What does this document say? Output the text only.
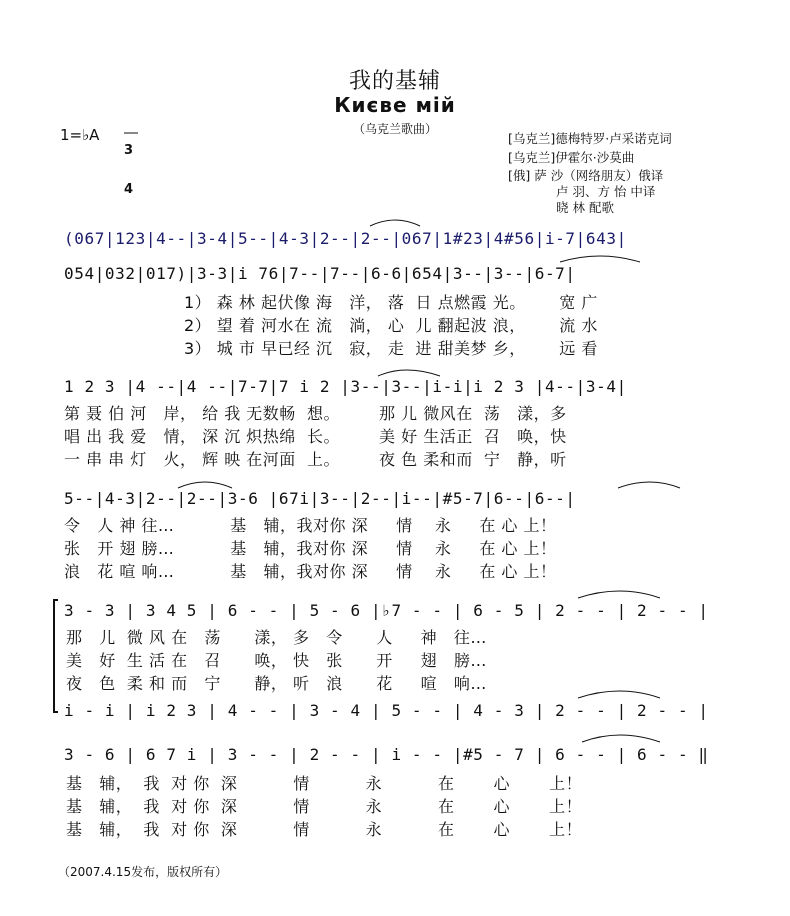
我的基辅
Києве мій
（乌克兰歌曲）
1=♭A

3

4

[乌克兰]德梅特罗·卢采诺克词
[乌克兰]伊霍尔·沙莫曲
[俄] 萨 沙（网络朋友）俄译
卢 羽、方 怡 中译
晓 林 配歌
(067|123|4--|3-4|5--|4-3|2--|2--|067|1#23|4#56|i-7|643|
054|032|017)|3-3|i 76|7--|7--|6-6|654|3--|3--|6-7|
1） 森 林 起伏像 海   洋， 落  日 点燃霞 光。      宽 广
2） 望 着 河水在 流   淌， 心  儿 翻起波 浪，      流 水
3） 城 市 早已经 沉   寂， 走  进 甜美梦 乡，      远 看
1 2 3 |4 --|4 --|7-7|7 i 2 |3--|3--|i-i|i 2 3 |4--|3-4|
第 聂 伯 河   岸， 给 我 无数畅  想。       那 儿 微风在  荡   漾，多
唱 出 我 爱   情， 深 沉 炽热绵  长。       美 好 生活正  召   唤，快
一 串 串 灯   火， 辉 映 在河面  上。       夜 色 柔和而  宁   静，听
5--|4-3|2--|2--|3-6 |67i|3--|2--|i--|#5-7|6--|6--|
令   人 神 往…          基   辅，我对你 深     情    永     在 心 上！
张   开 翅 膀…          基   辅，我对你 深     情    永     在 心 上！
浪   花 喧 响…          基   辅，我对你 深     情    永     在 心 上！
3 - 3 | 3 4 5 | 6 - - | 5 - 6 |♭7 - - | 6 - 5 | 2 - - | 2 - - |
那   儿  微 风 在   荡      漾， 多   令      人     神   往…
美   好  生 活 在   召      唤， 快   张      开     翅   膀…
夜   色  柔 和 而   宁      静， 听   浪      花     喧   响…
i - i | i 2 3 | 4 - - | 3 - 4 | 5 - - | 4 - 3 | 2 - - | 2 - - |
3 - 6 | 6 7 i | 3 - - | 2 - - | i - - |#5 - 7 | 6 - - | 6 - - ‖
基   辅，  我  对 你  深          情          永          在       心       上！
基   辅，  我  对 你  深          情          永          在       心       上！
基   辅，  我  对 你  深          情          永          在       心       上！
（2007.4.15发布，版权所有）
